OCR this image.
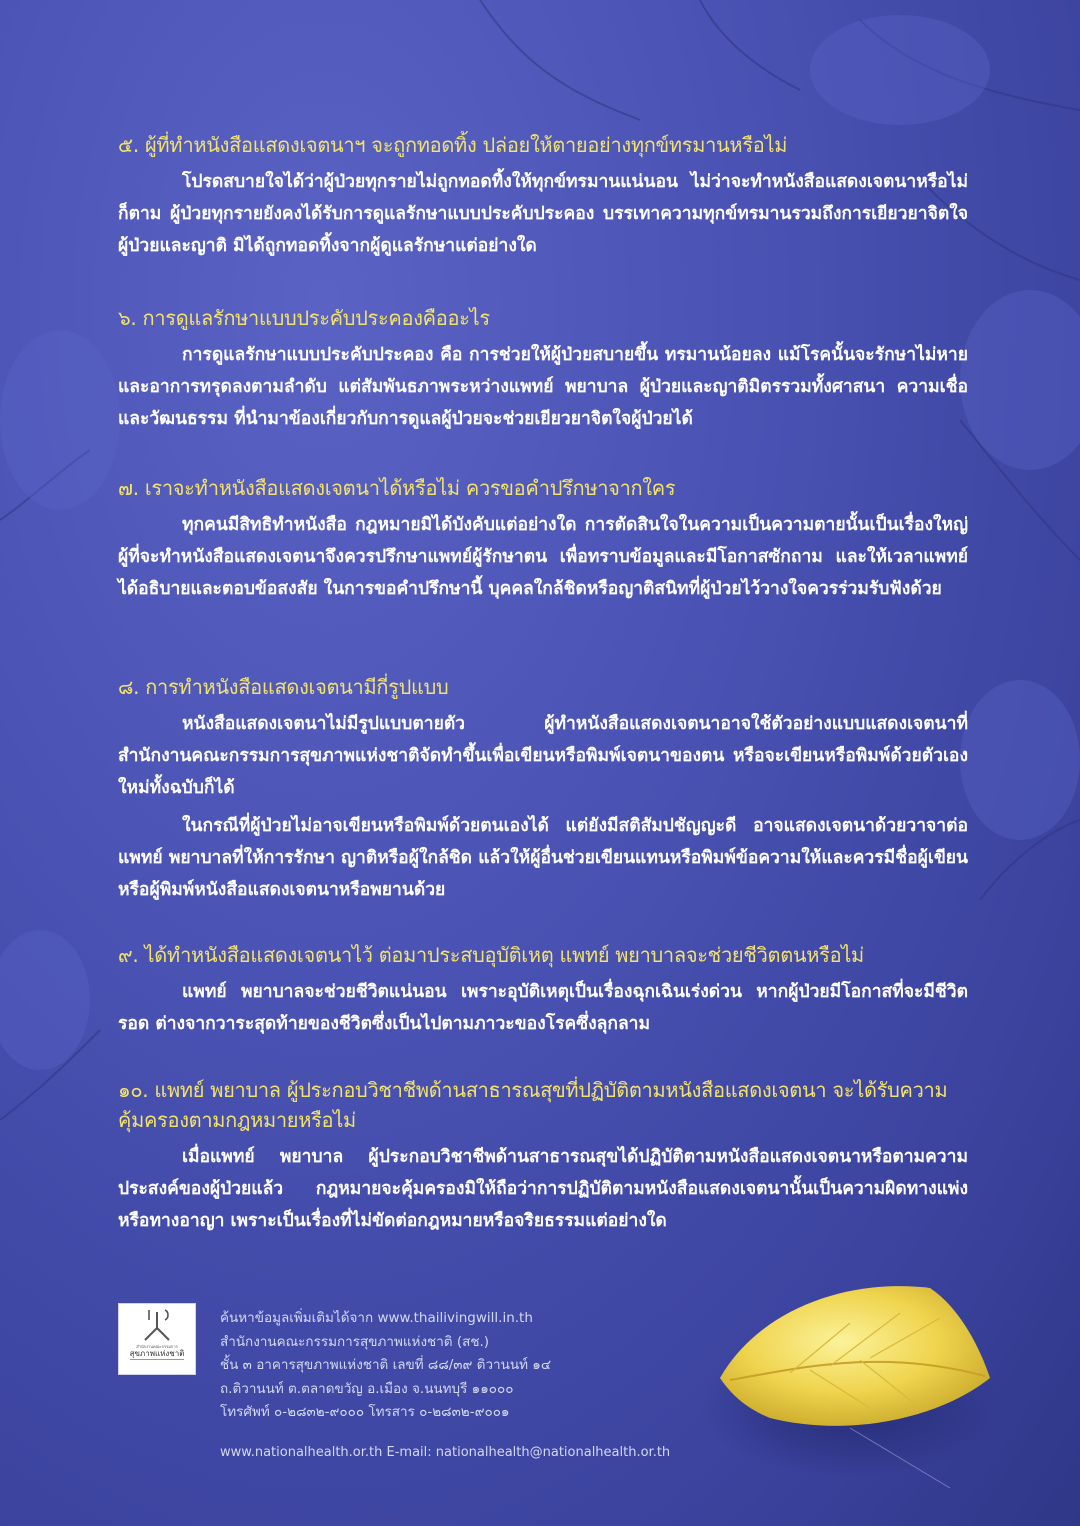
๕. ผู้ที่ทำหนังสือแสดงเจตนาฯ จะถูกทอดทิ้ง ปล่อยให้ตายอย่างทุกข์ทรมานหรือไม่

โปรดสบายใจได้ว่าผู้ป่วยทุกรายไม่ถูกทอดทิ้งให้ทุกข์ทรมานแน่นอน ไม่ว่าจะทำหนังสือแสดงเจตนาหรือไม่ก็ตาม ผู้ป่วยทุกรายยังคงได้รับการดูแลรักษาแบบประคับประคอง บรรเทาความทุกข์ทรมานรวมถึงการเยียวยาจิตใจผู้ป่วยและญาติ มิได้ถูกทอดทิ้งจากผู้ดูแลรักษาแต่อย่างใด

๖. การดูแลรักษาแบบประคับประคองคืออะไร

การดูแลรักษาแบบประคับประคอง คือ การช่วยให้ผู้ป่วยสบายขึ้น ทรมานน้อยลง แม้โรคนั้นจะรักษาไม่หาย และอาการทรุดลงตามลำดับ แต่สัมพันธภาพระหว่างแพทย์ พยาบาล ผู้ป่วยและญาติมิตรรวมทั้งศาสนา ความเชื่อและวัฒนธรรม ที่นำมาข้องเกี่ยวกับการดูแลผู้ป่วยจะช่วยเยียวยาจิตใจผู้ป่วยได้

๗. เราจะทำหนังสือแสดงเจตนาได้หรือไม่ ควรขอคำปรึกษาจากใคร

ทุกคนมีสิทธิทำหนังสือ กฎหมายมิได้บังคับแต่อย่างใด การตัดสินใจในความเป็นความตายนั้นเป็นเรื่องใหญ่ ผู้ที่จะทำหนังสือแสดงเจตนาจึงควรปรึกษาแพทย์ผู้รักษาตน เพื่อทราบข้อมูลและมีโอกาสซักถาม และให้เวลาแพทย์ได้อธิบายและตอบข้อสงสัย ในการขอคำปรึกษานี้ บุคคลใกล้ชิดหรือญาติสนิทที่ผู้ป่วยไว้วางใจควรร่วมรับฟังด้วย

๘. การทำหนังสือแสดงเจตนามีกี่รูปแบบ

หนังสือแสดงเจตนาไม่มีรูปแบบตายตัว ผู้ทำหนังสือแสดงเจตนาอาจใช้ตัวอย่างแบบแสดงเจตนาที่สำนักงานคณะกรรมการสุขภาพแห่งชาติจัดทำขึ้นเพื่อเขียนหรือพิมพ์เจตนาของตน หรือจะเขียนหรือพิมพ์ด้วยตัวเองใหม่ทั้งฉบับก็ได้

ในกรณีที่ผู้ป่วยไม่อาจเขียนหรือพิมพ์ด้วยตนเองได้ แต่ยังมีสติสัมปชัญญะดี อาจแสดงเจตนาด้วยวาจาต่อแพทย์ พยาบาลที่ให้การรักษา ญาติหรือผู้ใกล้ชิด แล้วให้ผู้อื่นช่วยเขียนแทนหรือพิมพ์ข้อความให้และควรมีชื่อผู้เขียนหรือผู้พิมพ์หนังสือแสดงเจตนาหรือพยานด้วย

๙. ได้ทำหนังสือแสดงเจตนาไว้ ต่อมาประสบอุบัติเหตุ แพทย์ พยาบาลจะช่วยชีวิตตนหรือไม่

แพทย์ พยาบาลจะช่วยชีวิตแน่นอน เพราะอุบัติเหตุเป็นเรื่องฉุกเฉินเร่งด่วน หากผู้ป่วยมีโอกาสที่จะมีชีวิตรอด ต่างจากวาระสุดท้ายของชีวิตซึ่งเป็นไปตามภาวะของโรคซึ่งลุกลาม

๑๐. แพทย์ พยาบาล ผู้ประกอบวิชาชีพด้านสาธารณสุขที่ปฏิบัติตามหนังสือแสดงเจตนา จะได้รับความคุ้มครองตามกฎหมายหรือไม่

เมื่อแพทย์ พยาบาล ผู้ประกอบวิชาชีพด้านสาธารณสุขได้ปฏิบัติตามหนังสือแสดงเจตนาหรือตามความประสงค์ของผู้ป่วยแล้ว กฎหมายจะคุ้มครองมิให้ถือว่าการปฏิบัติตามหนังสือแสดงเจตนานั้นเป็นความผิดทางแพ่งหรือทางอาญา เพราะเป็นเรื่องที่ไม่ขัดต่อกฎหมายหรือจริยธรรมแต่อย่างใด

สำนักงานคณะกรรมการ
สุขภาพแห่งชาติ
ค้นหาข้อมูลเพิ่มเติมได้จาก www.thailivingwill.in.th
สำนักงานคณะกรรมการสุขภาพแห่งชาติ (สช.)
ชั้น ๓ อาคารสุขภาพแห่งชาติ เลขที่ ๘๘/๓๙ ติวานนท์ ๑๔
ถ.ติวานนท์ ต.ตลาดขวัญ อ.เมือง จ.นนทบุรี ๑๑๐๐๐
โทรศัพท์ ๐-๒๘๓๒-๙๐๐๐ โทรสาร ๐-๒๘๓๒-๙๐๐๑
www.nationalhealth.or.th E-mail: nationalhealth@nationalhealth.or.th
